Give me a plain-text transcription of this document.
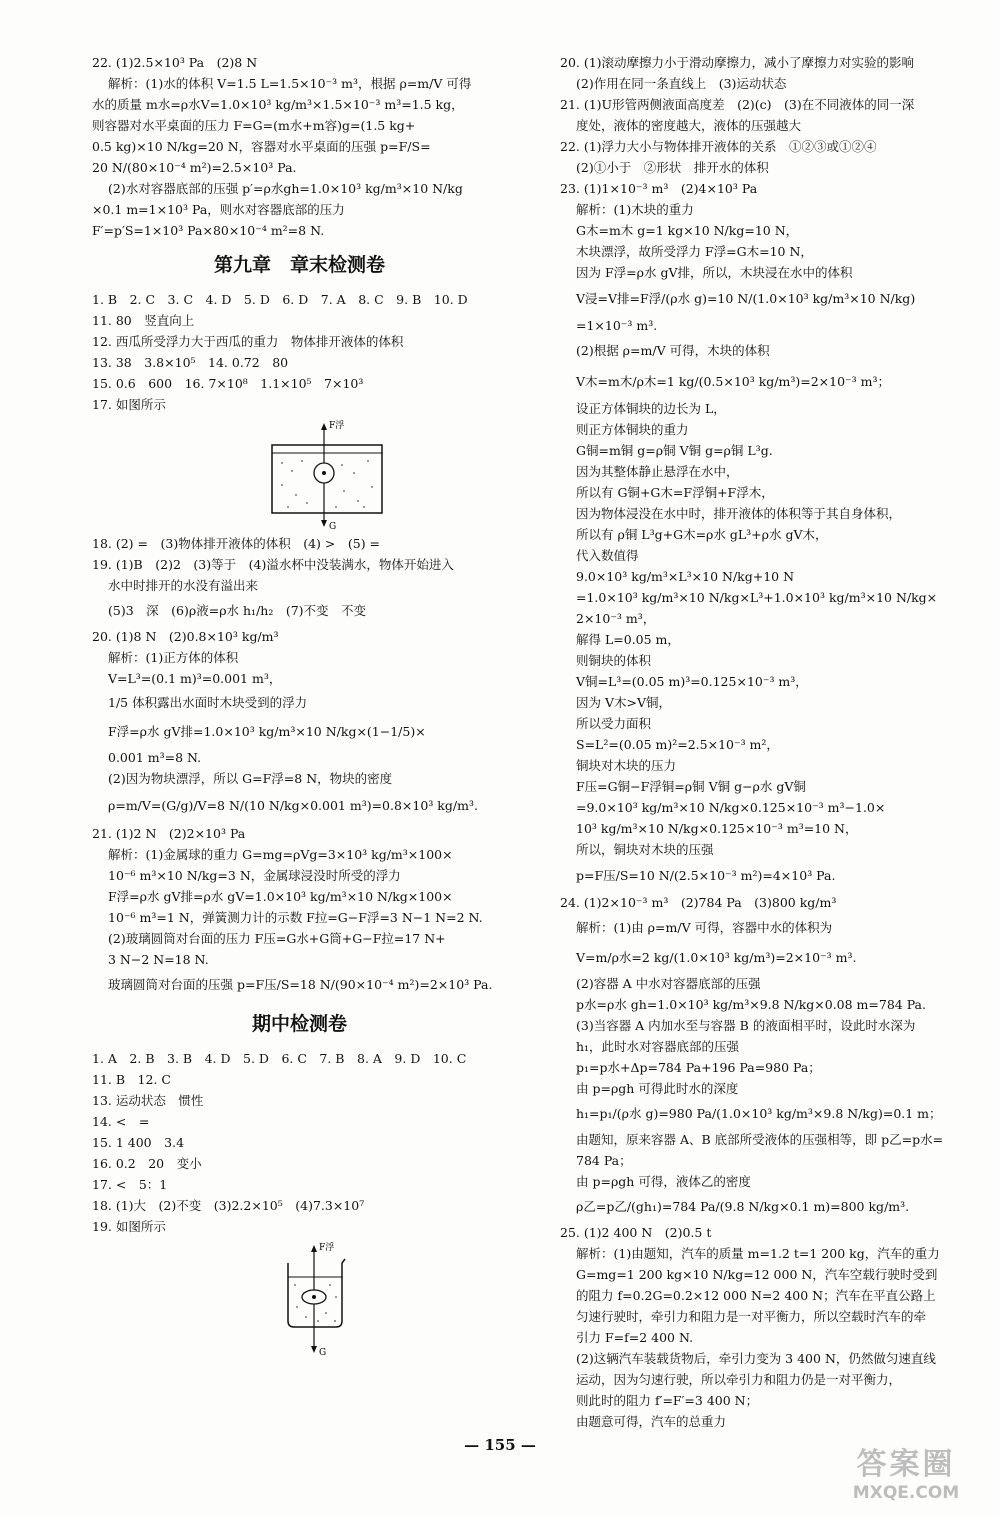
22. (1)2.5×10³ Pa　(2)8 N
解析：(1)水的体积 V=1.5 L=1.5×10⁻³ m³，根据 ρ=m/V 可得
水的质量 m水=ρ水V=1.0×10³ kg/m³×1.5×10⁻³ m³=1.5 kg，
则容器对水平桌面的压力 F=G=(m水+m容)g=(1.5 kg+
0.5 kg)×10 N/kg=20 N，容器对水平桌面的压强 p=F/S=
20 N/(80×10⁻⁴ m²)=2.5×10³ Pa.
(2)水对容器底部的压强 p′=ρ水gh=1.0×10³ kg/m³×10 N/kg
×0.1 m=1×10³ Pa，则水对容器底部的压力
F′=p′S=1×10³ Pa×80×10⁻⁴ m²=8 N.
第九章　章末检测卷
1. B　2. C　3. C　4. D　5. D　6. D　7. A　8. C　9. B　10. D
11. 80　竖直向上
12. 西瓜所受浮力大于西瓜的重力　物体排开液体的体积
13. 38　3.8×10⁵　14. 0.72　80
15. 0.6　600　16. 7×10⁸　1.1×10⁵　7×10³
17. 如图所示
F浮
G
18. (2) =　(3)物体排开液体的体积　(4) >　(5) =
19. (1)B　(2)2　(3)等于　(4)溢水杯中没装满水，物体开始进入
水中时排开的水没有溢出来
(5)3　深　(6)ρ液=ρ水 h₁/h₂　(7)不变　不变
20. (1)8 N　(2)0.8×10³ kg/m³
解析：(1)正方体的体积
V=L³=(0.1 m)³=0.001 m³，
1/5 体积露出水面时木块受到的浮力
F浮=ρ水 gV排=1.0×10³ kg/m³×10 N/kg×(1−1/5)×
0.001 m³=8 N.
(2)因为物块漂浮，所以 G=F浮=8 N，物块的密度
ρ=m/V=(G/g)/V=8 N/(10 N/kg×0.001 m³)=0.8×10³ kg/m³.
21. (1)2 N　(2)2×10³ Pa
解析：(1)金属球的重力 G=mg=ρVg=3×10³ kg/m³×100×
10⁻⁶ m³×10 N/kg=3 N，金属球浸没时所受的浮力
F浮=ρ水 gV排=ρ水 gV=1.0×10³ kg/m³×10 N/kg×100×
10⁻⁶ m³=1 N，弹簧测力计的示数 F拉=G−F浮=3 N−1 N=2 N.
(2)玻璃圆筒对台面的压力 F压=G水+G筒+G−F拉=17 N+
3 N−2 N=18 N.
玻璃圆筒对台面的压强 p=F压/S=18 N/(90×10⁻⁴ m²)=2×10³ Pa.
期中检测卷
1. A　2. B　3. B　4. D　5. D　6. C　7. B　8. A　9. D　10. C
11. B　12. C
13. 运动状态　惯性
14. <　=
15. 1 400　3.4
16. 0.2　20　变小
17. <　5：1
18. (1)大　(2)不变　(3)2.2×10⁵　(4)7.3×10⁷
19. 如图所示
F浮
G
20. (1)滚动摩擦力小于滑动摩擦力，减小了摩擦力对实验的影响
(2)作用在同一条直线上　(3)运动状态
21. (1)U形管两侧液面高度差　(2)(c)　(3)在不同液体的同一深
度处，液体的密度越大，液体的压强越大
22. (1)浮力大小与物体排开液体的关系　①②③或①②④
(2)①小于　②形状　排开水的体积
23. (1)1×10⁻³ m³　(2)4×10³ Pa
解析：(1)木块的重力
G木=m木 g=1 kg×10 N/kg=10 N，
木块漂浮，故所受浮力 F浮=G木=10 N，
因为 F浮=ρ水 gV排，所以，木块浸在水中的体积
V浸=V排=F浮/(ρ水 g)=10 N/(1.0×10³ kg/m³×10 N/kg)
=1×10⁻³ m³.
(2)根据 ρ=m/V 可得，木块的体积
V木=m木/ρ木=1 kg/(0.5×10³ kg/m³)=2×10⁻³ m³；
设正方体铜块的边长为 L，
则正方体铜块的重力
G铜=m铜 g=ρ铜 V铜 g=ρ铜 L³g.
因为其整体静止悬浮在水中，
所以有 G铜+G木=F浮铜+F浮木，
因为物体浸没在水中时，排开液体的体积等于其自身体积，
所以有 ρ铜 L³g+G木=ρ水 gL³+ρ水 gV木，
代入数值得
9.0×10³ kg/m³×L³×10 N/kg+10 N
=1.0×10³ kg/m³×10 N/kg×L³+1.0×10³ kg/m³×10 N/kg×
2×10⁻³ m³，
解得 L=0.05 m，
则铜块的体积
V铜=L³=(0.05 m)³=0.125×10⁻³ m³，
因为 V木>V铜，
所以受力面积
S=L²=(0.05 m)²=2.5×10⁻³ m²，
铜块对木块的压力
F压=G铜−F浮铜=ρ铜 V铜 g−ρ水 gV铜
=9.0×10³ kg/m³×10 N/kg×0.125×10⁻³ m³−1.0×
10³ kg/m³×10 N/kg×0.125×10⁻³ m³=10 N，
所以，铜块对木块的压强
p=F压/S=10 N/(2.5×10⁻³ m²)=4×10³ Pa.
24. (1)2×10⁻³ m³　(2)784 Pa　(3)800 kg/m³
解析：(1)由 ρ=m/V 可得，容器中水的体积为
V=m/ρ水=2 kg/(1.0×10³ kg/m³)=2×10⁻³ m³.
(2)容器 A 中水对容器底部的压强
p水=ρ水 gh=1.0×10³ kg/m³×9.8 N/kg×0.08 m=784 Pa.
(3)当容器 A 内加水至与容器 B 的液面相平时，设此时水深为
h₁，此时水对容器底部的压强
p₁=p水+Δp=784 Pa+196 Pa=980 Pa；
由 p=ρgh 可得此时水的深度
h₁=p₁/(ρ水 g)=980 Pa/(1.0×10³ kg/m³×9.8 N/kg)=0.1 m；
由题知，原来容器 A、B 底部所受液体的压强相等，即 p乙=p水=
784 Pa；
由 p=ρgh 可得，液体乙的密度
ρ乙=p乙/(gh₁)=784 Pa/(9.8 N/kg×0.1 m)=800 kg/m³.
25. (1)2 400 N　(2)0.5 t
解析：(1)由题知，汽车的质量 m=1.2 t=1 200 kg，汽车的重力
G=mg=1 200 kg×10 N/kg=12 000 N，汽车空载行驶时受到
的阻力 f=0.2G=0.2×12 000 N=2 400 N；汽车在平直公路上
匀速行驶时，牵引力和阻力是一对平衡力，所以空载时汽车的牵
引力 F=f=2 400 N.
(2)这辆汽车装载货物后，牵引力变为 3 400 N，仍然做匀速直线
运动，因为匀速行驶，所以牵引力和阻力仍是一对平衡力，
则此时的阻力 f′=F′=3 400 N；
由题意可得，汽车的总重力
— 155 —
答案圈
MXQE.COM
